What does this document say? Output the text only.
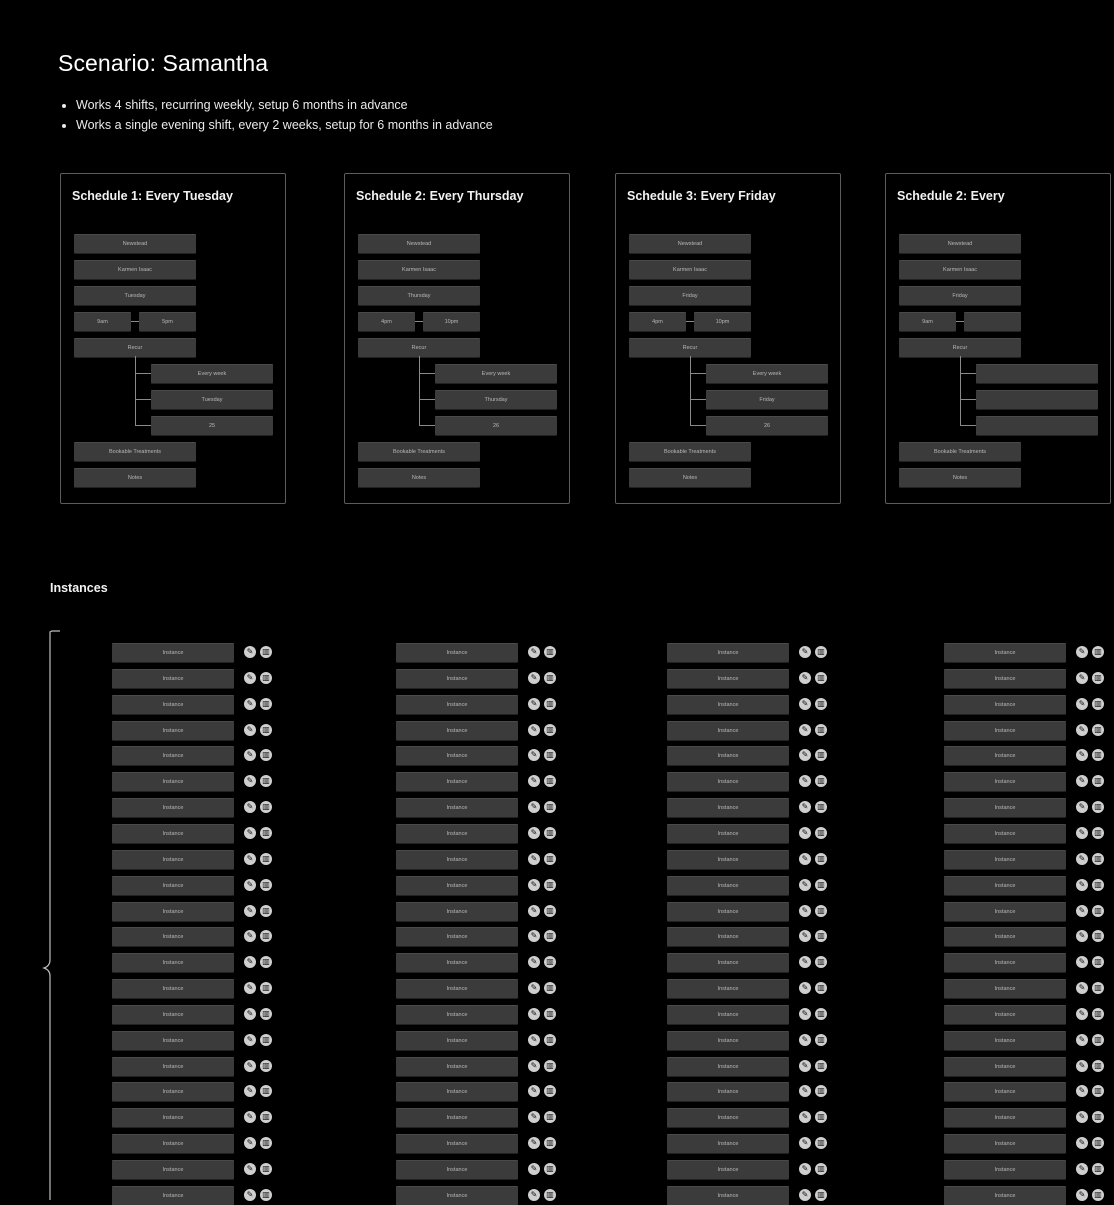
Scenario: Samantha
• Works 4 shifts, recurring weekly, setup 6 months in advance
• Works a single evening shift, every 2 weeks, setup for 6 months in advance
Schedule 1: Every Tuesday
Newstead
Karmen Isaac
Tuesday
9am	5pm
Recur
Every week
Tuesday
25
Bookable Treatments
Notes
Schedule 2: Every Thursday
Newstead
Karmen Isaac
Thursday
4pm	10pm
Recur
Every week
Thursday
26
Bookable Treatments
Notes
Schedule 3: Every Friday
Newstead
Karmen Isaac
Friday
4pm	10pm
Recur
Every week
Friday
26
Bookable Treatments
Notes
Schedule 2: Every
Newstead
Karmen Isaac
Friday
9am
Recur
Bookable Treatments
Notes
Instances
Instance	✎	▥
Instance	✎	▥
Instance	✎	▥
Instance	✎	▥
Instance	✎	▥
Instance	✎	▥
Instance	✎	▥
Instance	✎	▥
Instance	✎	▥
Instance	✎	▥
Instance	✎	▥
Instance	✎	▥
Instance	✎	▥
Instance	✎	▥
Instance	✎	▥
Instance	✎	▥
Instance	✎	▥
Instance	✎	▥
Instance	✎	▥
Instance	✎	▥
Instance	✎	▥
Instance	✎	▥
Instance	✎	▥
Instance	✎	▥
Instance	✎	▥
Instance	✎	▥
Instance	✎	▥
Instance	✎	▥
Instance	✎	▥
Instance	✎	▥
Instance	✎	▥
Instance	✎	▥
Instance	✎	▥
Instance	✎	▥
Instance	✎	▥
Instance	✎	▥
Instance	✎	▥
Instance	✎	▥
Instance	✎	▥
Instance	✎	▥
Instance	✎	▥
Instance	✎	▥
Instance	✎	▥
Instance	✎	▥
Instance	✎	▥
Instance	✎	▥
Instance	✎	▥
Instance	✎	▥
Instance	✎	▥
Instance	✎	▥
Instance	✎	▥
Instance	✎	▥
Instance	✎	▥
Instance	✎	▥
Instance	✎	▥
Instance	✎	▥
Instance	✎	▥
Instance	✎	▥
Instance	✎	▥
Instance	✎	▥
Instance	✎	▥
Instance	✎	▥
Instance	✎	▥
Instance	✎	▥
Instance	✎	▥
Instance	✎	▥
Instance	✎	▥
Instance	✎	▥
Instance	✎	▥
Instance	✎	▥
Instance	✎	▥
Instance	✎	▥
Instance	✎	▥
Instance	✎	▥
Instance	✎	▥
Instance	✎	▥
Instance	✎	▥
Instance	✎	▥
Instance	✎	▥
Instance	✎	▥
Instance	✎	▥
Instance	✎	▥
Instance	✎	▥
Instance	✎	▥
Instance	✎	▥
Instance	✎	▥
Instance	✎	▥
Instance	✎	▥
